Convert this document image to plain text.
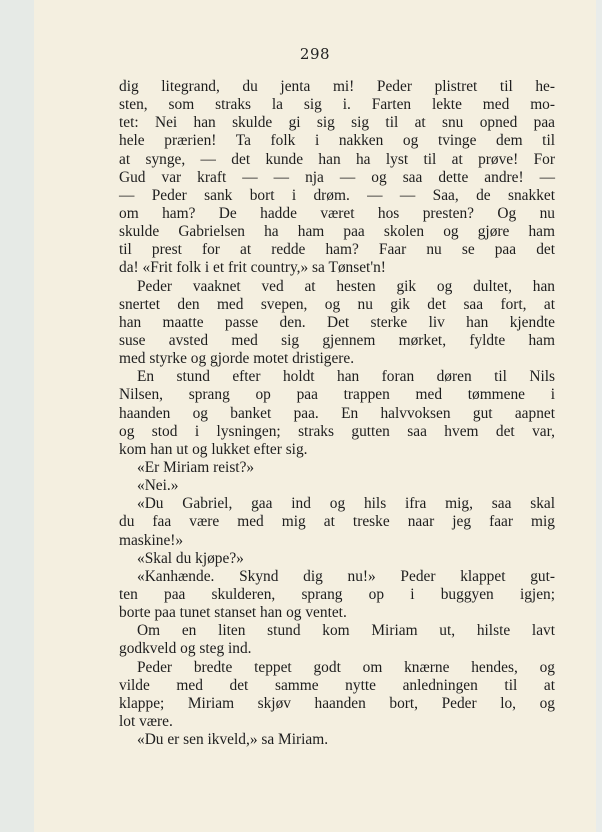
298
dig litegrand, du jenta mi! Peder plistret til he-
sten, som straks la sig i. Farten lekte med mo-
tet: Nei han skulde gi sig sig til at snu opned paa
hele prærien! Ta folk i nakken og tvinge dem til
at synge, — det kunde han ha lyst til at prøve! For
Gud var kraft — — nja — og saa dette andre! —
— Peder sank bort i drøm. — — Saa, de snakket
om ham? De hadde været hos presten? Og nu
skulde Gabrielsen ha ham paa skolen og gjøre ham
til prest for at redde ham? Faar nu se paa det
da! «Frit folk i et frit country,» sa Tønset'n!
Peder vaaknet ved at hesten gik og dultet, han
snertet den med svepen, og nu gik det saa fort, at
han maatte passe den. Det sterke liv han kjendte
suse avsted med sig gjennem mørket, fyldte ham
med styrke og gjorde motet dristigere.
En stund efter holdt han foran døren til Nils
Nilsen, sprang op paa trappen med tømmene i
haanden og banket paa. En halvvoksen gut aapnet
og stod i lysningen; straks gutten saa hvem det var,
kom han ut og lukket efter sig.
«Er Miriam reist?»
«Nei.»
«Du Gabriel, gaa ind og hils ifra mig, saa skal
du faa være med mig at treske naar jeg faar mig
maskine!»
«Skal du kjøpe?»
«Kanhænde. Skynd dig nu!» Peder klappet gut-
ten paa skulderen, sprang op i buggyen igjen;
borte paa tunet stanset han og ventet.
Om en liten stund kom Miriam ut, hilste lavt
godkveld og steg ind.
Peder bredte teppet godt om knærne hendes, og
vilde med det samme nytte anledningen til at
klappe; Miriam skjøv haanden bort, Peder lo, og
lot være.
«Du er sen ikveld,» sa Miriam.
